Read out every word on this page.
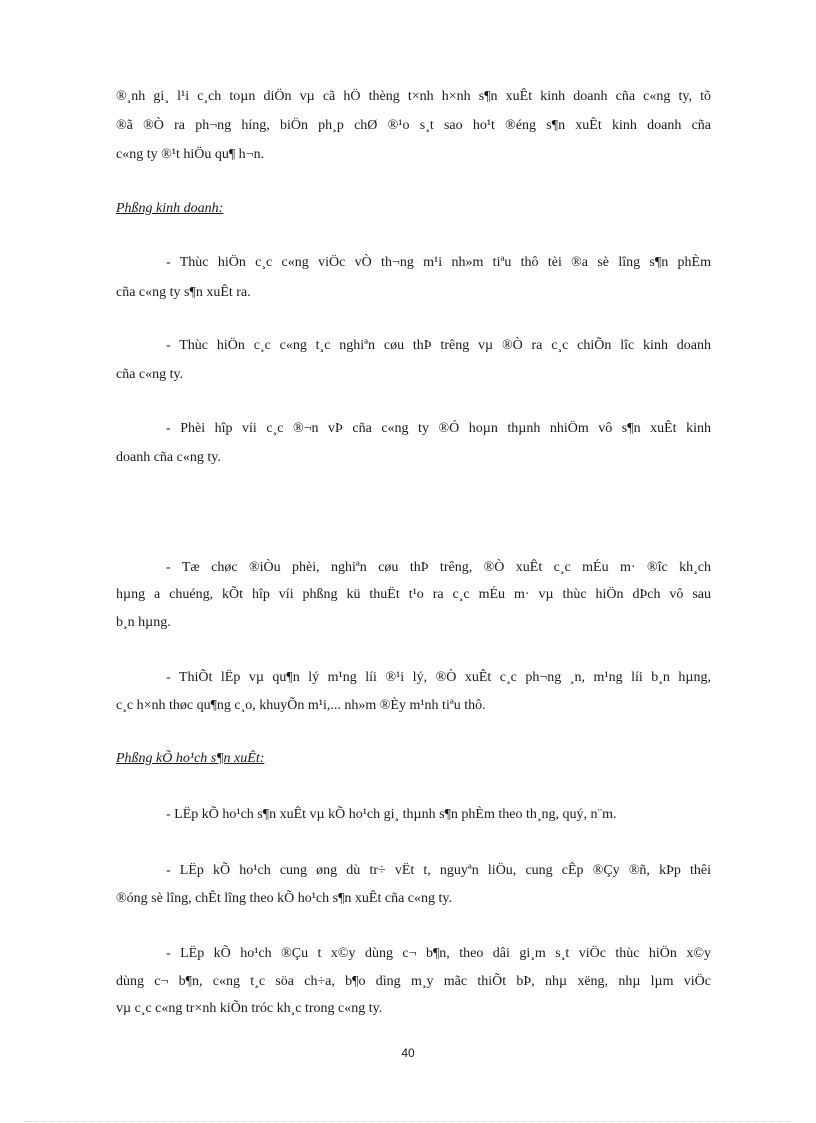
®¸nh gi¸ l¹i c¸ch toµn diÖn vµ cã hÖ thèng t×nh h×nh s¶n xuÊt kinh doanh cña c«ng ty, tõ
®ã ®Ò ra ph¬ng híng, biÖn ph¸p chØ ®¹o s¸t sao ho¹t ®éng s¶n xuÊt kinh doanh cña
c«ng ty ®¹t hiÖu qu¶ h¬n.
Phßng kinh doanh:
- Thùc hiÖn c¸c c«ng viÖc vÒ th¬ng m¹i nh»m tiªu thô tèi ®a sè lîng s¶n phÈm
cña c«ng ty s¶n xuÊt ra.
- Thùc hiÖn c¸c c«ng t¸c nghiªn cøu thÞ trêng vµ ®Ò ra c¸c chiÕn lîc kinh doanh
cña c«ng ty.
- Phèi hîp víi c¸c ®¬n vÞ cña c«ng ty ®Ó hoµn thµnh nhiÖm vô s¶n xuÊt kinh
doanh cña c«ng ty.
- Tæ chøc ®iÒu phèi, nghiªn cøu thÞ trêng, ®Ò xuÊt c¸c mÉu m· ®îc kh¸ch
hµng a chuéng, kÕt hîp víi phßng kü thuËt t¹o ra c¸c mÉu m· vµ thùc hiÖn dÞch vô sau
b¸n hµng.
- ThiÕt lËp vµ qu¶n lý m¹ng líi ®¹i lý, ®Ò xuÊt c¸c ph¬ng ¸n, m¹ng líi b¸n hµng,
c¸c h×nh thøc qu¶ng c¸o, khuyÕn m¹i,... nh»m ®Èy m¹nh tiªu thô.
Phßng kÕ ho¹ch s¶n xuÊt:
- LËp kÕ ho¹ch s¶n xuÊt vµ kÕ ho¹ch gi¸ thµnh s¶n phÈm theo th¸ng, quý, n¨m.
- LËp kÕ ho¹ch cung øng dù tr÷ vËt t, nguyªn liÖu, cung cÊp ®Çy ®ñ, kÞp thêi
®óng sè lîng, chÊt lîng theo kÕ ho¹ch s¶n xuÊt cña c«ng ty.
- LËp kÕ ho¹ch ®Çu t x©y dùng c¬ b¶n, theo dâi gi¸m s¸t viÖc thùc hiÖn x©y
dùng c¬ b¶n, c«ng t¸c söa ch÷a, b¶o dìng m¸y mãc thiÕt bÞ, nhµ xëng, nhµ lµm viÖc
vµ c¸c c«ng tr×nh kiÕn tróc kh¸c trong c«ng ty.
40
